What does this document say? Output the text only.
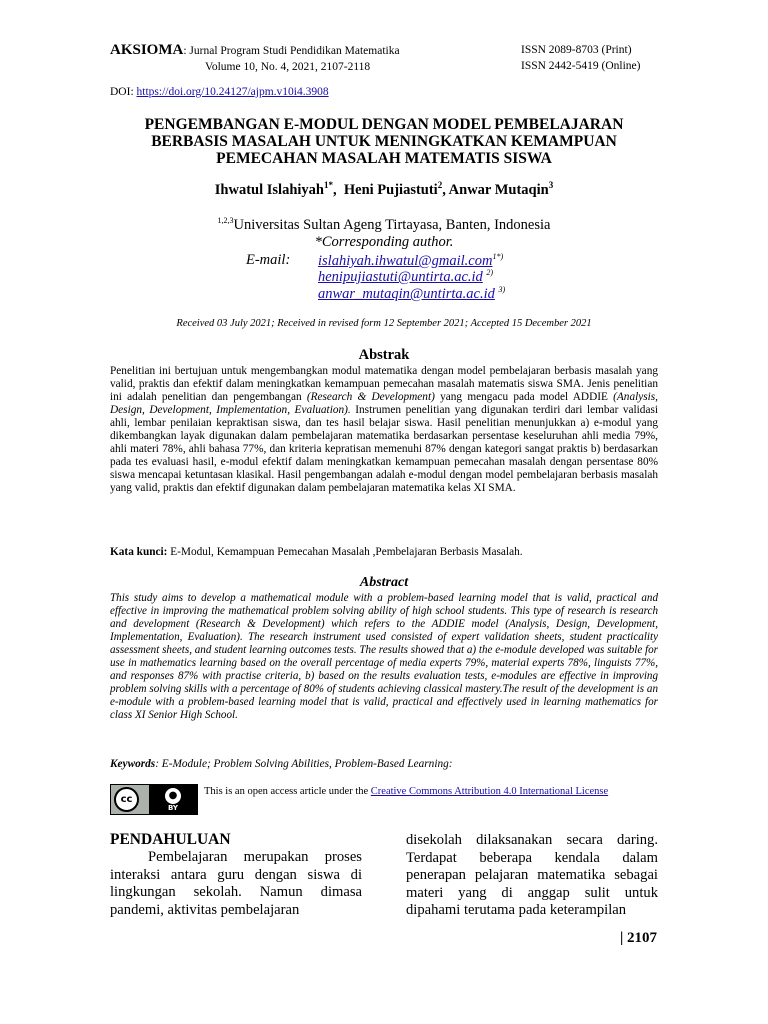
AKSIOMA: Jurnal Program Studi Pendidikan Matematika
Volume 10, No. 4, 2021, 2107-2118
ISSN 2089-8703 (Print)
ISSN 2442-5419 (Online)
DOI: https://doi.org/10.24127/ajpm.v10i4.3908
PENGEMBANGAN E-MODUL DENGAN MODEL PEMBELAJARAN
BERBASIS MASALAH UNTUK MENINGKATKAN KEMAMPUAN
PEMECAHAN MASALAH MATEMATIS SISWA
Ihwatul Islahiyah$^{1*}$,  Heni Pujiastuti$^2$, Anwar Mutaqin$^3$
$^{1,2,3}$Universitas Sultan Ageng Tirtayasa, Banten, Indonesia
*Corresponding author.
E-mail: islahiyah.ihwatul@gmail.com$^{1*)}$
henipujiastuti@untirta.ac.id $^{2)}$
anwar_mutaqin@untirta.ac.id $^{3)}$
Received 03 July 2021; Received in revised form 12 September 2021; Accepted 15 December 2021
Abstrak
Penelitian ini bertujuan untuk mengembangkan modul matematika dengan model pembelajaran berbasis masalah yang valid, praktis dan efektif dalam meningkatkan kemampuan pemecahan masalah matematis siswa SMA. Jenis penelitian ini adalah penelitian dan pengembangan (Research & Development) yang mengacu pada model ADDIE (Analysis, Design, Development, Implementation, Evaluation). Instrumen penelitian yang digunakan terdiri dari lembar validasi ahli, lembar penilaian kepraktisan siswa, dan tes hasil belajar siswa. Hasil penelitian menunjukkan a) e-modul yang dikembangkan layak digunakan dalam pembelajaran matematika berdasarkan persentase keseluruhan ahli media 79%, ahli materi 78%, ahli bahasa 77%, dan kriteria kepratisan memenuhi 87% dengan kategori sangat praktis b) berdasarkan pada tes evaluasi hasil, e-modul efektif dalam meningkatkan kemampuan pemecahan masalah dengan persentase 80% siswa mencapai ketuntasan klasikal. Hasil pengembangan adalah e-modul dengan model pembelajaran berbasis masalah yang valid, praktis dan efektif digunakan dalam pembelajaran matematika kelas XI SMA.
Kata kunci: E-Modul, Kemampuan Pemecahan Masalah ,Pembelajaran Berbasis Masalah.
Abstract
This study aims to develop a mathematical module with a problem-based learning model that is valid, practical and effective in improving the mathematical problem solving ability of high school students. This type of research is research and development (Research & Development) which refers to the ADDIE model (Analysis, Design, Development, Implementation, Evaluation). The research instrument used consisted of expert validation sheets, student practicality assessment sheets, and student learning outcomes tests. The results showed that a) the e-module developed was suitable for use in mathematics learning based on the overall percentage of media experts 79%, material experts 78%, linguists 77%, and responses 87% with practise criteria, b) based on the results evaluation tests, e-modules are effective in improving problem solving skills with a percentage of 80% of students achieving classical mastery.The result of the development is an e-module with a problem-based learning model that is valid, practical and effectively used in learning mathematics for class XI Senior High School.
Keywords: E-Module; Problem Solving Abilities, Problem-Based Learning:
cc	●
BY
This is an open access article under the Creative Commons Attribution 4.0 International License
PENDAHULUAN
Pembelajaran merupakan proses interaksi antara guru dengan siswa di lingkungan sekolah. Namun dimasa pandemi, aktivitas pembelajaran
disekolah dilaksanakan secara daring. Terdapat beberapa kendala dalam penerapan pelajaran matematika sebagai materi yang di anggap sulit untuk dipahami terutama pada keterampilan
| 2107
